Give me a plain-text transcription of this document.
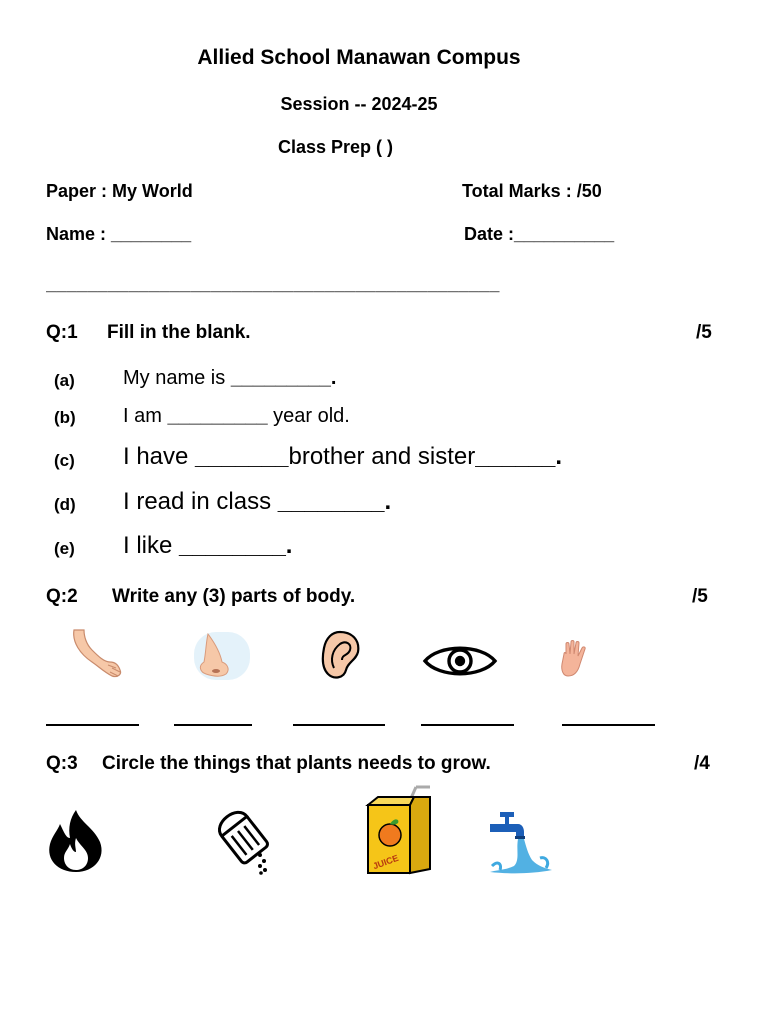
Allied School Manawan Compus
Session -- 2024-25
Class Prep ( )
Paper : My World	Total Marks : /50
Name : ________	Date :__________
____________________________________________
Q:1 Fill in the blank.	/5
(a) My name is _________.
(b) I am _________ year old.
(c) I have _______brother and sister______.
(d) I read in class ________.
(e) I like ________.
Q:2 Write any (3) parts of body.	/5
Q:3 Circle the things that plants needs to grow.	/4
JUICE
